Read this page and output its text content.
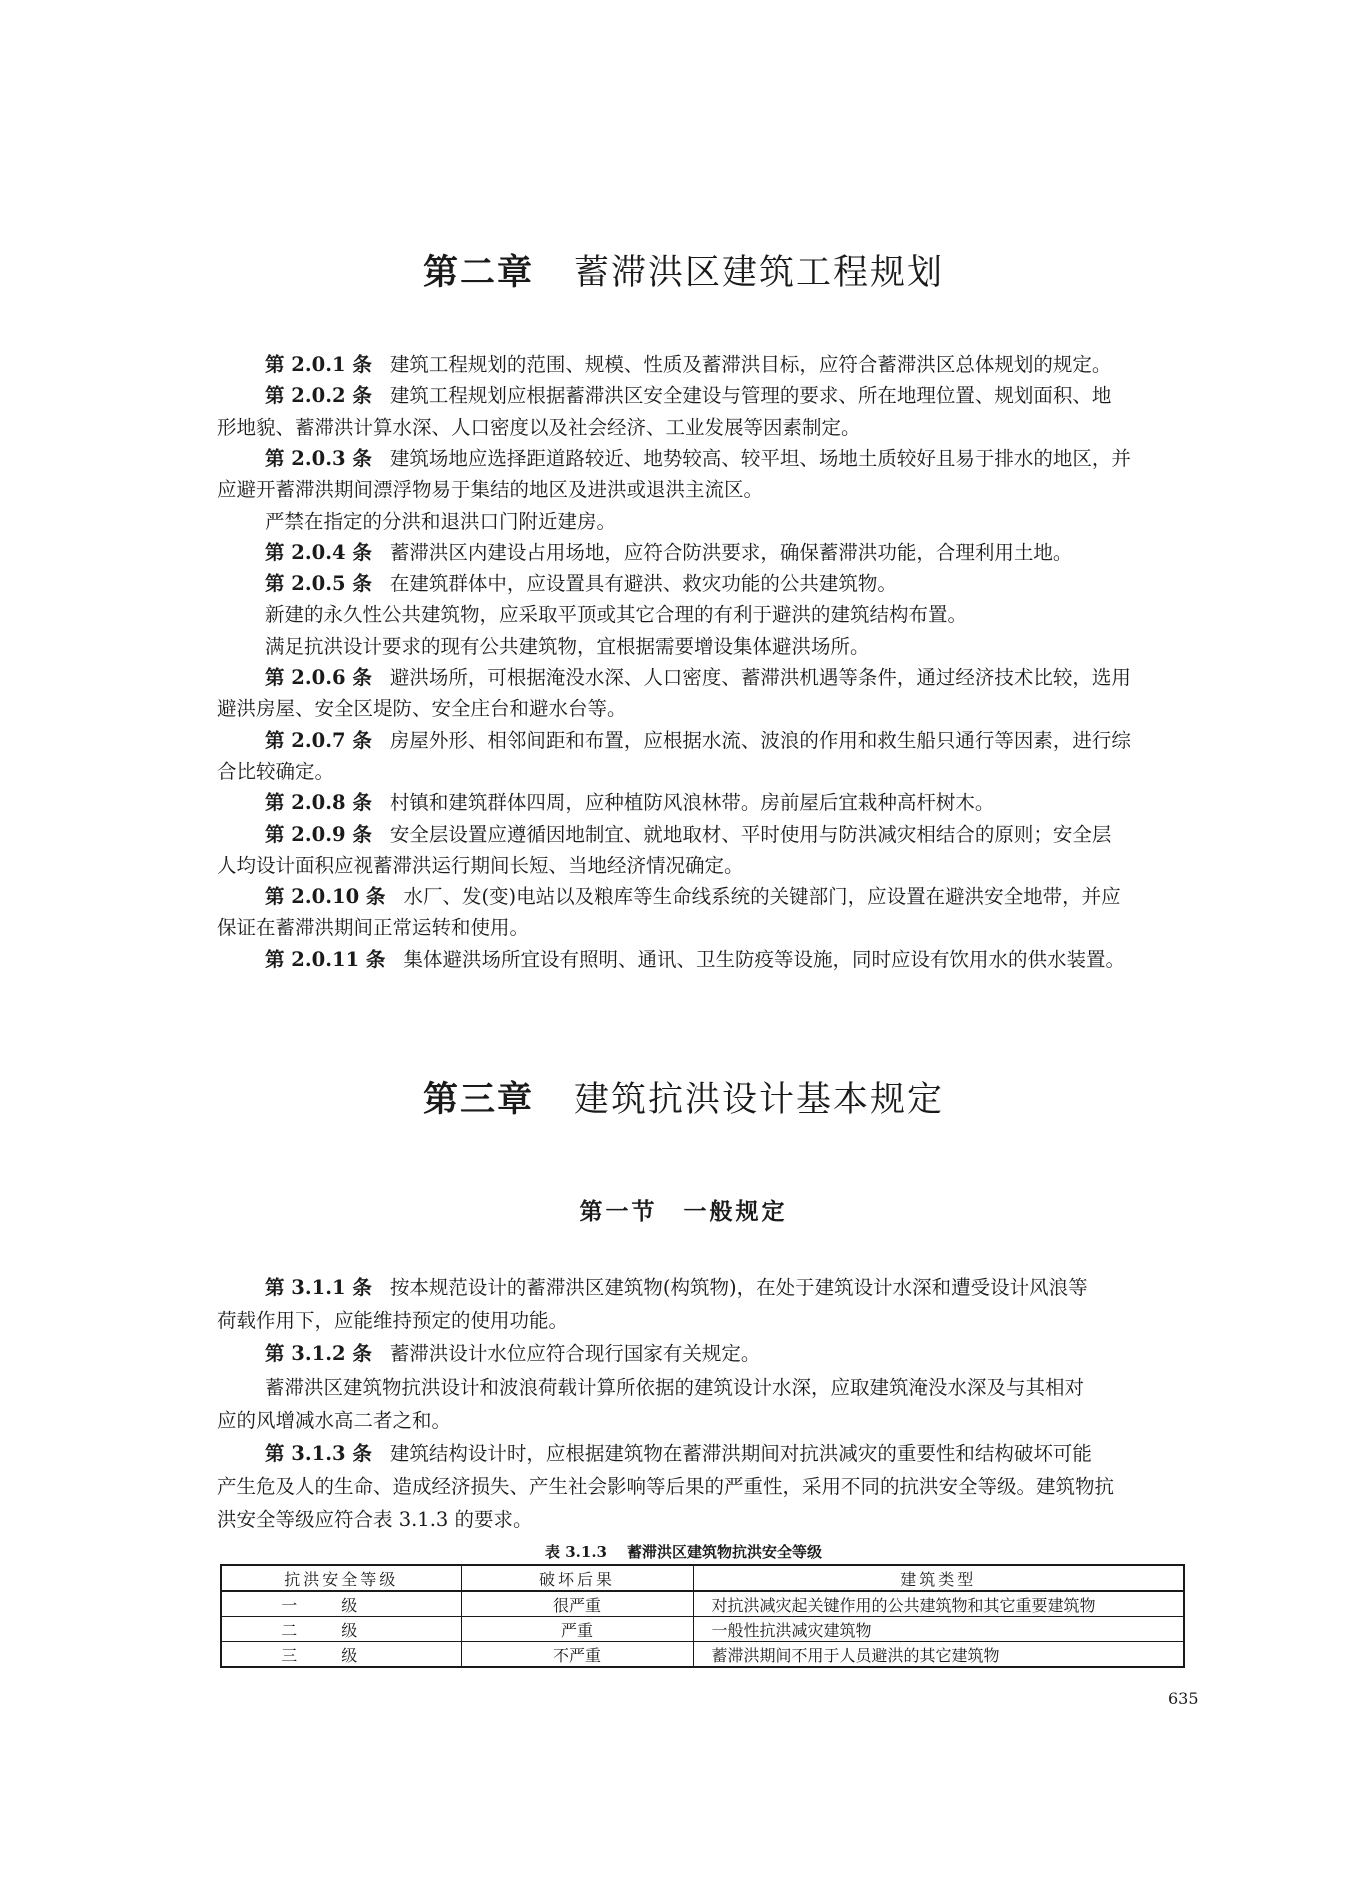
第二章 蓄滞洪区建筑工程规划
第 2.0.1 条 建筑工程规划的范围、规模、性质及蓄滞洪目标，应符合蓄滞洪区总体规划的规定。
第 2.0.2 条 建筑工程规划应根据蓄滞洪区安全建设与管理的要求、所在地理位置、规划面积、地
形地貌、蓄滞洪计算水深、人口密度以及社会经济、工业发展等因素制定。
第 2.0.3 条 建筑场地应选择距道路较近、地势较高、较平坦、场地土质较好且易于排水的地区，并
应避开蓄滞洪期间漂浮物易于集结的地区及进洪或退洪主流区。
严禁在指定的分洪和退洪口门附近建房。
第 2.0.4 条 蓄滞洪区内建设占用场地，应符合防洪要求，确保蓄滞洪功能，合理利用土地。
第 2.0.5 条 在建筑群体中，应设置具有避洪、救灾功能的公共建筑物。
新建的永久性公共建筑物，应采取平顶或其它合理的有利于避洪的建筑结构布置。
满足抗洪设计要求的现有公共建筑物，宜根据需要增设集体避洪场所。
第 2.0.6 条 避洪场所，可根据淹没水深、人口密度、蓄滞洪机遇等条件，通过经济技术比较，选用
避洪房屋、安全区堤防、安全庄台和避水台等。
第 2.0.7 条 房屋外形、相邻间距和布置，应根据水流、波浪的作用和救生船只通行等因素，进行综
合比较确定。
第 2.0.8 条 村镇和建筑群体四周，应种植防风浪林带。房前屋后宜栽种高杆树木。
第 2.0.9 条 安全层设置应遵循因地制宜、就地取材、平时使用与防洪减灾相结合的原则；安全层
人均设计面积应视蓄滞洪运行期间长短、当地经济情况确定。
第 2.0.10 条 水厂、发(变)电站以及粮库等生命线系统的关键部门，应设置在避洪安全地带，并应
保证在蓄滞洪期间正常运转和使用。
第 2.0.11 条 集体避洪场所宜设有照明、通讯、卫生防疫等设施，同时应设有饮用水的供水装置。
第三章 建筑抗洪设计基本规定
第一节 一般规定
第 3.1.1 条 按本规范设计的蓄滞洪区建筑物(构筑物)，在处于建筑设计水深和遭受设计风浪等
荷载作用下，应能维持预定的使用功能。
第 3.1.2 条 蓄滞洪设计水位应符合现行国家有关规定。
蓄滞洪区建筑物抗洪设计和波浪荷载计算所依据的建筑设计水深，应取建筑淹没水深及与其相对
应的风增减水高二者之和。
第 3.1.3 条 建筑结构设计时，应根据建筑物在蓄滞洪期间对抗洪减灾的重要性和结构破坏可能
产生危及人的生命、造成经济损失、产生社会影响等后果的严重性，采用不同的抗洪安全等级。建筑物抗
洪安全等级应符合表 3.1.3 的要求。
表 3.1.3 蓄滞洪区建筑物抗洪安全等级
抗洪安全等级	破坏后果	建筑类型
一级	很严重	对抗洪减灾起关键作用的公共建筑物和其它重要建筑物
二级	严重	一般性抗洪减灾建筑物
三级	不严重	蓄滞洪期间不用于人员避洪的其它建筑物
635
